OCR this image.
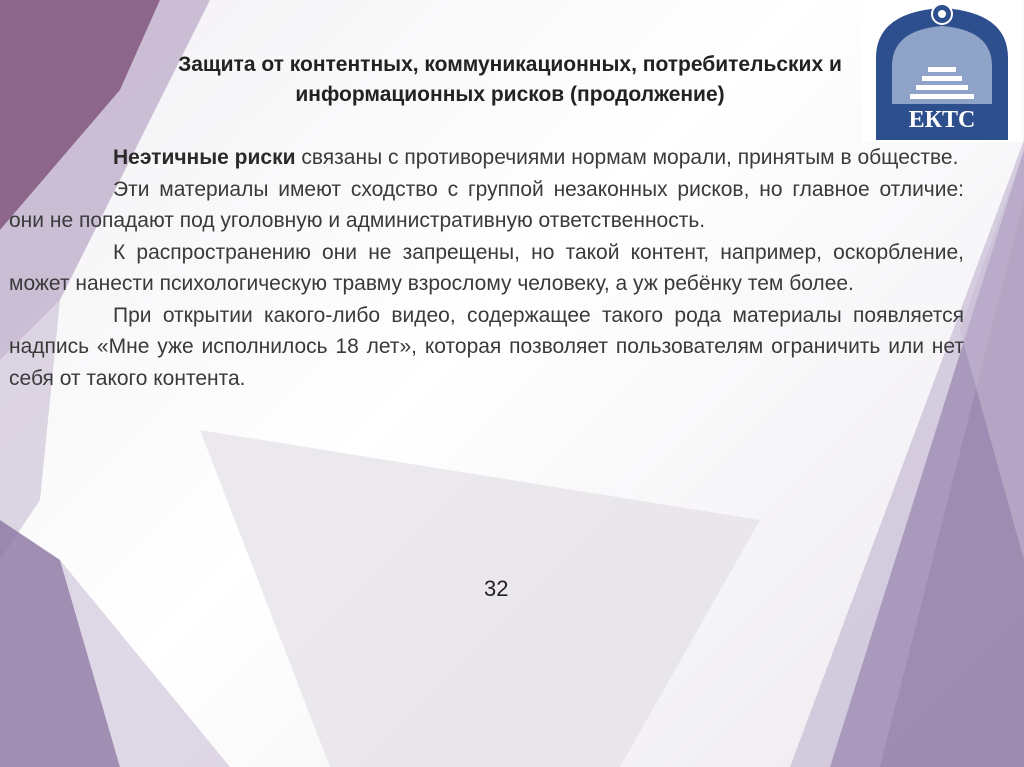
Защита от контентных, коммуникационных, потребительских и
информационных рисков (продолжение)

Неэтичные риски связаны с противоречиями нормам морали, принятым в обществе.

Эти материалы имеют сходство с группой незаконных рисков, но главное отличие: они не попадают под уголовную и административную ответственность.

К распространению они не запрещены, но такой контент, например, оскорбление, может нанести психологическую травму взрослому человеку, а уж ребёнку тем более.

При открытии какого-либо видео, содержащее такого рода материалы появляется надпись «Мне уже исполнилось 18 лет», которая позволяет пользователям ограничить или нет себя от такого контента.

32
ЕКТС
